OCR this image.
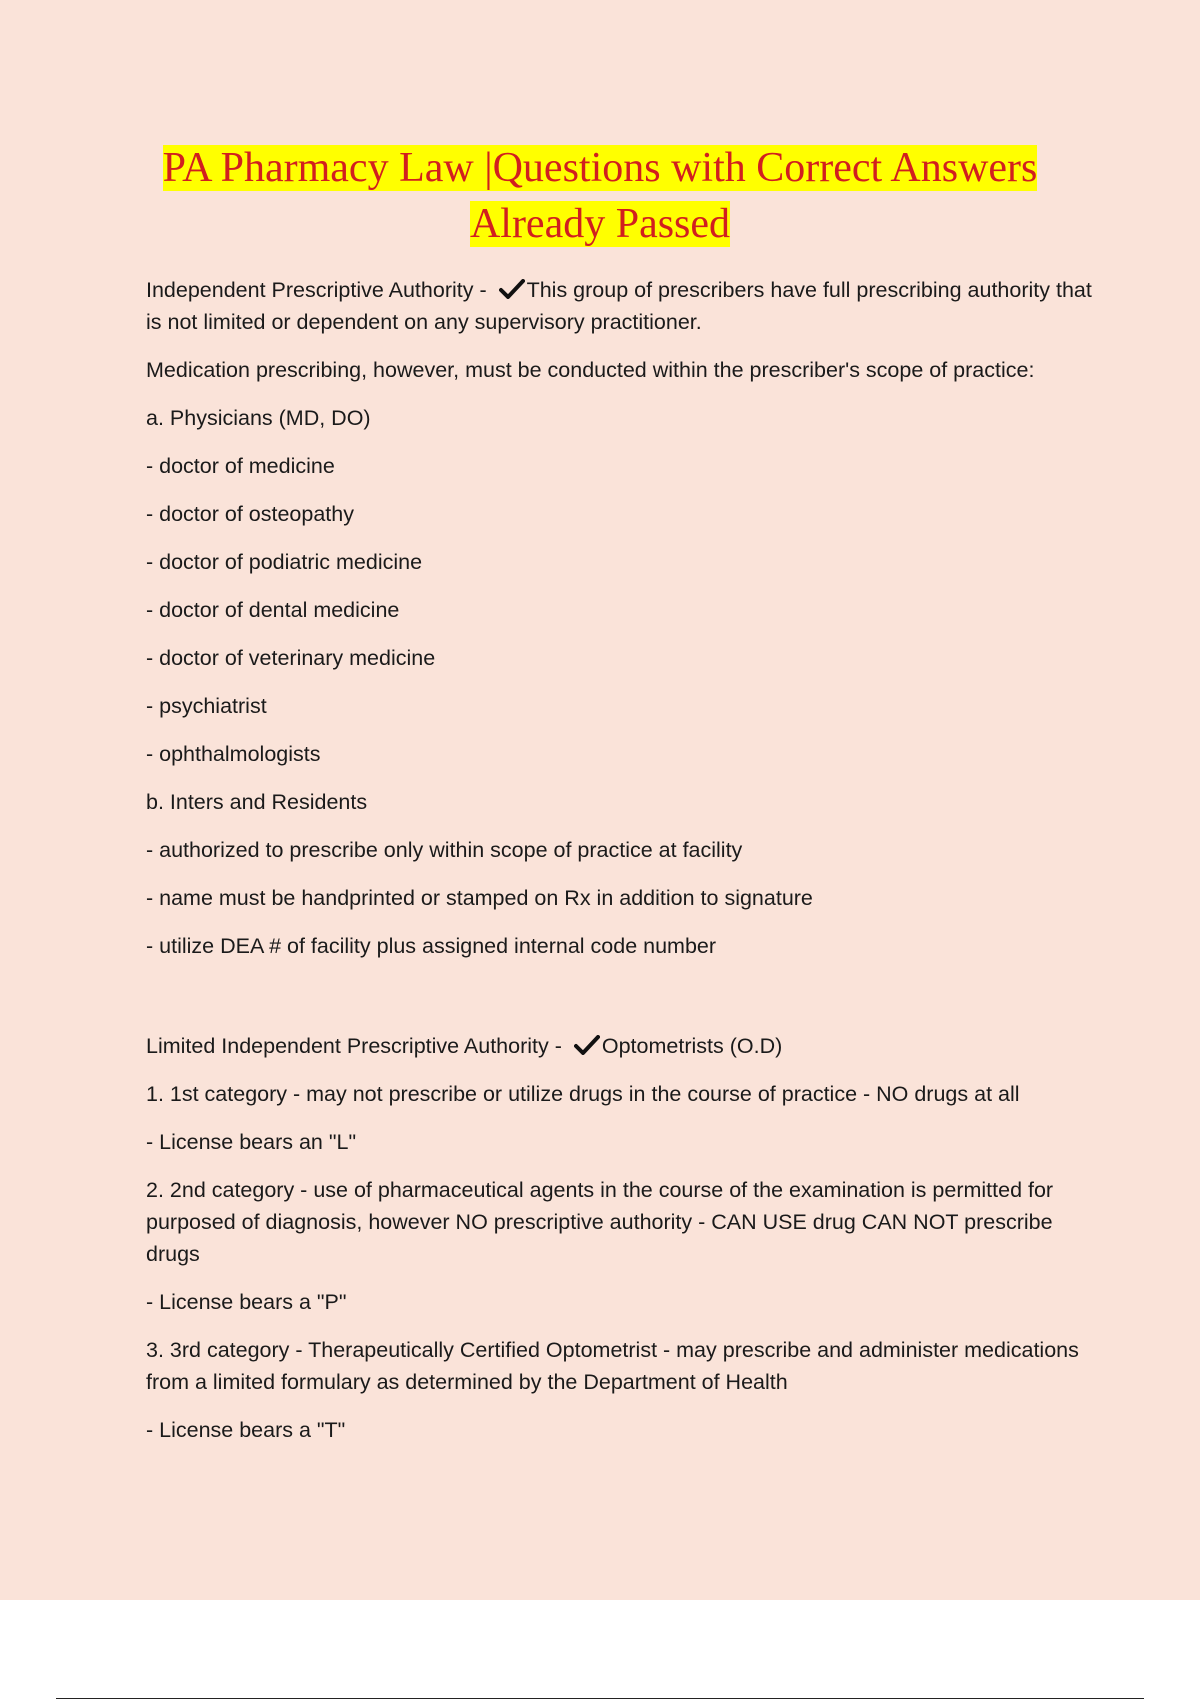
PA Pharmacy Law |Questions with Correct Answers
Already Passed

Independent Prescriptive Authority - This group of prescribers have full prescribing authority that is not limited or dependent on any supervisory practitioner.

Medication prescribing, however, must be conducted within the prescriber's scope of practice:

a. Physicians (MD, DO)

- doctor of medicine

- doctor of osteopathy

- doctor of podiatric medicine

- doctor of dental medicine

- doctor of veterinary medicine

- psychiatrist

- ophthalmologists

b. Inters and Residents

- authorized to prescribe only within scope of practice at facility

- name must be handprinted or stamped on Rx in addition to signature

- utilize DEA # of facility plus assigned internal code number

Limited Independent Prescriptive Authority - Optometrists (O.D)

1. 1st category - may not prescribe or utilize drugs in the course of practice - NO drugs at all

- License bears an "L"

2. 2nd category - use of pharmaceutical agents in the course of the examination is permitted for purposed of diagnosis, however NO prescriptive authority - CAN USE drug CAN NOT prescribe drugs

- License bears a "P"

3. 3rd category - Therapeutically Certified Optometrist - may prescribe and administer medications from a limited formulary as determined by the Department of Health

- License bears a "T"
